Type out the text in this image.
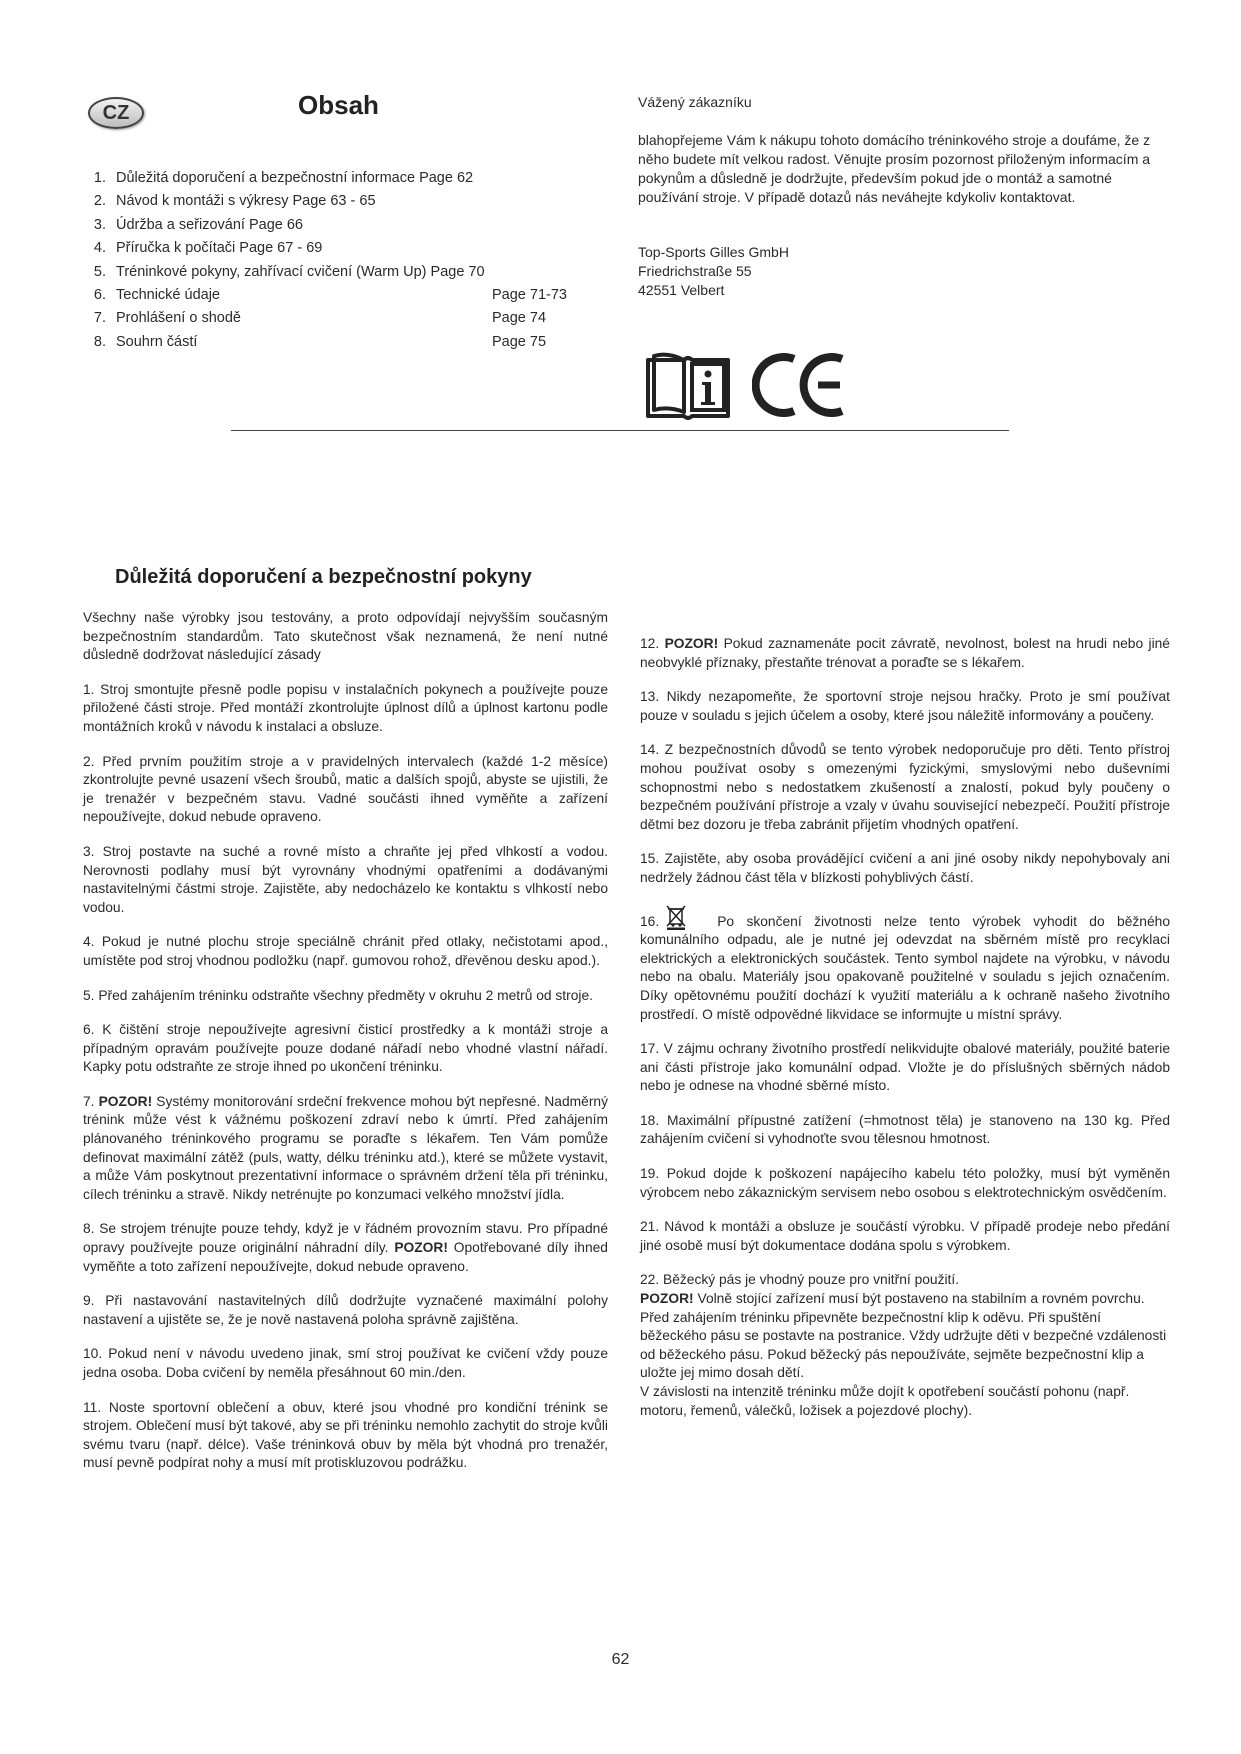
CZ	Obsah
1. Důležitá doporučení a bezpečnostní informace Page 62
2. Návod k montáži s výkresy Page 63 - 65
3. Údržba a seřizování Page 66
4. Příručka k počítači Page 67 - 69
5. Tréninkové pokyny, zahřívací cvičení (Warm Up) Page 70
6. Technické údaje	Page 71-73
7. Prohlášení o shodě	Page 74
8. Souhrn částí	Page 75
Vážený zákazníku

blahopřejeme Vám k nákupu tohoto domácího tréninkového stroje a doufáme, že z něho budete mít velkou radost. Věnujte prosím pozornost přiloženým informacím a pokynům a důsledně je dodržujte, především pokud jde o montáž a samotné používání stroje. V případě dotazů nás neváhejte kdykoliv kontaktovat.

Top-Sports Gilles GmbH
Friedrichstraße 55
42551 Velbert
Důležitá doporučení a bezpečnostní pokyny

Všechny naše výrobky jsou testovány, a proto odpovídají nejvyšším současným bezpečnostním standardům. Tato skutečnost však neznamená, že není nutné důsledně dodržovat následující zásady

1. Stroj smontujte přesně podle popisu v instalačních pokynech a používejte pouze přiložené části stroje. Před montáží zkontrolujte úplnost dílů a úplnost kartonu podle montážních kroků v návodu k instalaci a obsluze.

2. Před prvním použitím stroje a v pravidelných intervalech (každé 1-2 měsíce) zkontrolujte pevné usazení všech šroubů, matic a dalších spojů, abyste se ujistili, že je trenažér v bezpečném stavu. Vadné součásti ihned vyměňte a zařízení nepoužívejte, dokud nebude opraveno.

3. Stroj postavte na suché a rovné místo a chraňte jej před vlhkostí a vodou. Nerovnosti podlahy musí být vyrovnány vhodnými opatřeními a dodávanými nastavitelnými částmi stroje. Zajistěte, aby nedocházelo ke kontaktu s vlhkostí nebo vodou.

4. Pokud je nutné plochu stroje speciálně chránit před otlaky, nečistotami apod., umístěte pod stroj vhodnou podložku (např. gumovou rohož, dřevěnou desku apod.).

5. Před zahájením tréninku odstraňte všechny předměty v okruhu 2 metrů od stroje.

6. K čištění stroje nepoužívejte agresivní čisticí prostředky a k montáži stroje a případným opravám používejte pouze dodané nářadí nebo vhodné vlastní nářadí. Kapky potu odstraňte ze stroje ihned po ukončení tréninku.

7. POZOR! Systémy monitorování srdeční frekvence mohou být nepřesné. Nadměrný trénink může vést k vážnému poškození zdraví nebo k úmrtí. Před zahájením plánovaného tréninkového programu se poraďte s lékařem. Ten Vám pomůže definovat maximální zátěž (puls, watty, délku tréninku atd.), které se můžete vystavit, a může Vám poskytnout prezentativní informace o správném držení těla při tréninku, cílech tréninku a stravě. Nikdy netrénujte po konzumaci velkého množství jídla.

8. Se strojem trénujte pouze tehdy, když je v řádném provozním stavu. Pro případné opravy používejte pouze originální náhradní díly. POZOR! Opotřebované díly ihned vyměňte a toto zařízení nepoužívejte, dokud nebude opraveno.

9. Při nastavování nastavitelných dílů dodržujte vyznačené maximální polohy nastavení a ujistěte se, že je nově nastavená poloha správně zajištěna.

10. Pokud není v návodu uvedeno jinak, smí stroj používat ke cvičení vždy pouze jedna osoba. Doba cvičení by neměla přesáhnout 60 min./den.

11. Noste sportovní oblečení a obuv, které jsou vhodné pro kondiční trénink se strojem. Oblečení musí být takové, aby se při tréninku nemohlo zachytit do stroje kvůli svému tvaru (např. délce). Vaše tréninková obuv by měla být vhodná pro trenažér, musí pevně podpírat nohy a musí mít protiskluzovou podrážku.

12. POZOR! Pokud zaznamenáte pocit závratě, nevolnost, bolest na hrudi nebo jiné neobvyklé příznaky, přestaňte trénovat a poraďte se s lékařem.

13. Nikdy nezapomeňte, že sportovní stroje nejsou hračky. Proto je smí používat pouze v souladu s jejich účelem a osoby, které jsou náležitě informovány a poučeny.

14. Z bezpečnostních důvodů se tento výrobek nedoporučuje pro děti. Tento přístroj mohou používat osoby s omezenými fyzickými, smyslovými nebo duševními schopnostmi nebo s nedostatkem zkušeností a znalostí, pokud byly poučeny o bezpečném používání přístroje a vzaly v úvahu související nebezpečí. Použití přístroje dětmi bez dozoru je třeba zabránit přijetím vhodných opatření.

15. Zajistěte, aby osoba provádějící cvičení a ani jiné osoby nikdy nepohybovaly ani nedržely žádnou část těla v blízkosti pohyblivých částí.

16.	Po skončení životnosti nelze tento výrobek vyhodit do běžného komunálního odpadu, ale je nutné jej odevzdat na sběrném místě pro recyklaci elektrických a elektronických součástek. Tento symbol najdete na výrobku, v návodu nebo na obalu. Materiály jsou opakovaně použitelné v souladu s jejich označením. Díky opětovnému použití dochází k využití materiálu a k ochraně našeho životního prostředí. O místě odpovědné likvidace se informujte u místní správy.

17. V zájmu ochrany životního prostředí nelikvidujte obalové materiály, použité baterie ani části přístroje jako komunální odpad. Vložte je do příslušných sběrných nádob nebo je odnese na vhodné sběrné místo.

18. Maximální přípustné zatížení (=hmotnost těla) je stanoveno na 130 kg. Před zahájením cvičení si vyhodnoťte svou tělesnou hmotnost.

19. Pokud dojde k poškození napájecího kabelu této položky, musí být vyměněn výrobcem nebo zákaznickým servisem nebo osobou s elektrotechnickým osvědčením.

21. Návod k montáži a obsluze je součástí výrobku. V případě prodeje nebo předání jiné osobě musí být dokumentace dodána spolu s výrobkem.

22. Běžecký pás je vhodný pouze pro vnitřní použití.
POZOR! Volně stojící zařízení musí být postaveno na stabilním a rovném povrchu. Před zahájením tréninku připevněte bezpečnostní klip k oděvu. Při spuštění běžeckého pásu se postavte na postranice. Vždy udržujte děti v bezpečné vzdálenosti od běžeckého pásu. Pokud běžecký pás nepoužíváte, sejměte bezpečnostní klip a uložte jej mimo dosah dětí.
V závislosti na intenzitě tréninku může dojít k opotřebení součástí pohonu (např. motoru, řemenů, válečků, ložisek a pojezdové plochy).

62
